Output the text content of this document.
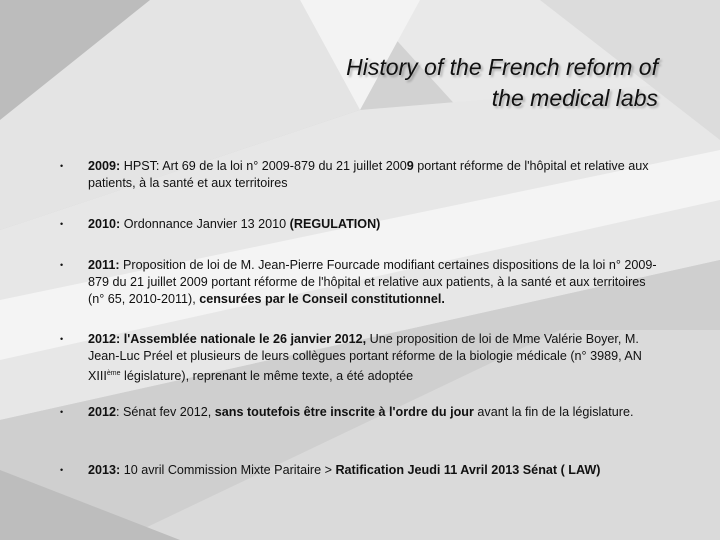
History of the French reform of
the medical labs
• 2009: HPST: Art 69 de la loi n° 2009-879 du 21 juillet 2009 portant réforme de l'hôpital et relative aux patients, à la santé et aux territoires
• 2010: Ordonnance Janvier 13 2010 (REGULATION)
• 2011: Proposition de loi de M. Jean-Pierre Fourcade modifiant certaines dispositions de la loi n° 2009-879 du 21 juillet 2009 portant réforme de l'hôpital et relative aux patients, à la santé et aux territoires (n° 65, 2010-2011), censurées par le Conseil constitutionnel.
• 2012: l'Assemblée nationale le 26 janvier 2012, Une proposition de loi de Mme Valérie Boyer, M. Jean-Luc Préel et plusieurs de leurs collègues portant réforme de la biologie médicale (n° 3989, AN XIIIème législature), reprenant le même texte, a été adoptée
• 2012: Sénat fev 2012, sans toutefois être inscrite à l'ordre du jour avant la fin de la législature.
• 2013: 10 avril Commission Mixte Paritaire > Ratification Jeudi 11 Avril 2013 Sénat ( LAW)
